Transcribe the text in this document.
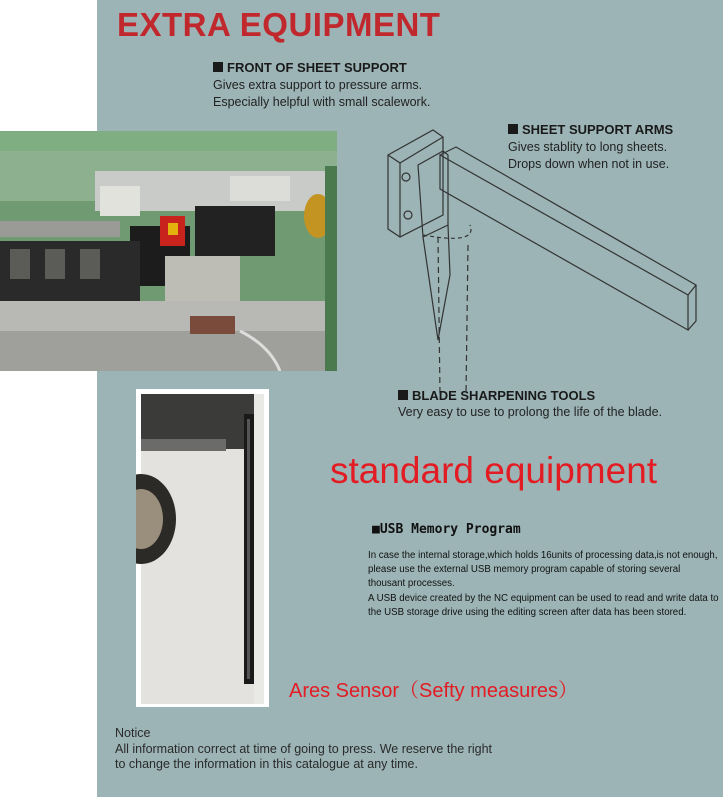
EXTRA EQUIPMENT
FRONT OF SHEET SUPPORT
Gives extra support to pressure arms.
Especially helpful with small scalework.
SHEET SUPPORT ARMS
Gives stablity to long sheets.
Drops down when not in use.
BLADE SHARPENING TOOLS
Very easy to use to prolong the life of the blade.
standard equipment
■USB Memory Program

In case the internal storage,which holds 16units of processing data,is not enough,

please use the external USB memory program capable of storing several thousant processes.

A USB device created by the NC equipment can be used to read and write data to the USB storage drive using the editing screen after data has been stored.

Ares Sensor（Sefty measures）
Notice
All information correct at time of going to press. We reserve the right
to change the information in this catalogue at any time.
